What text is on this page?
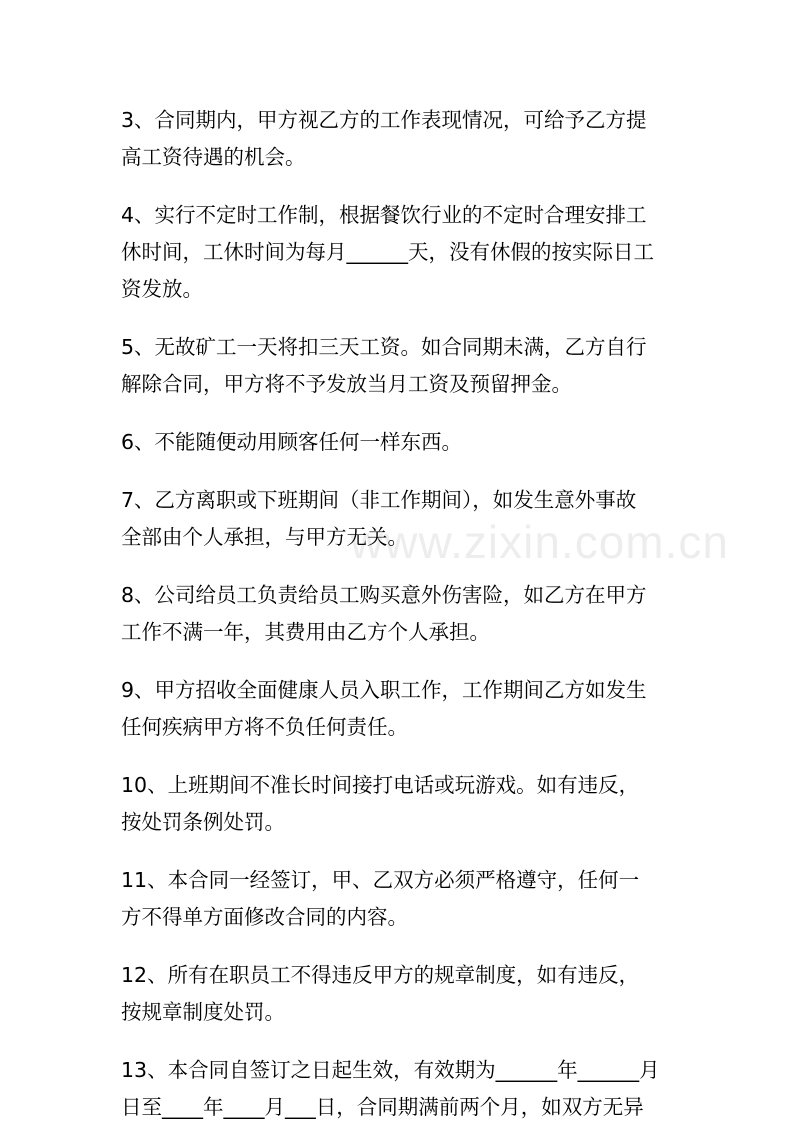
www.zixin.com.cn

3、合同期内，甲方视乙方的工作表现情况，可给予乙方提
高工资待遇的机会。

4、实行不定时工作制，根据餐饮行业的不定时合理安排工
休时间，工休时间为每月______天，没有休假的按实际日工
资发放。

5、无故矿工一天将扣三天工资。如合同期未满，乙方自行
解除合同，甲方将不予发放当月工资及预留押金。

6、不能随便动用顾客任何一样东西。

7、乙方离职或下班期间（非工作期间），如发生意外事故
全部由个人承担，与甲方无关。

8、公司给员工负责给员工购买意外伤害险，如乙方在甲方
工作不满一年，其费用由乙方个人承担。

9、甲方招收全面健康人员入职工作，工作期间乙方如发生
任何疾病甲方将不负任何责任。

10、上班期间不准长时间接打电话或玩游戏。如有违反，
按处罚条例处罚。

11、本合同一经签订，甲、乙双方必须严格遵守，任何一
方不得单方面修改合同的内容。

12、所有在职员工不得违反甲方的规章制度，如有违反，
按规章制度处罚。

13、本合同自签订之日起生效，有效期为______年______月
日至____年____月___日，合同期满前两个月，如双方无异
